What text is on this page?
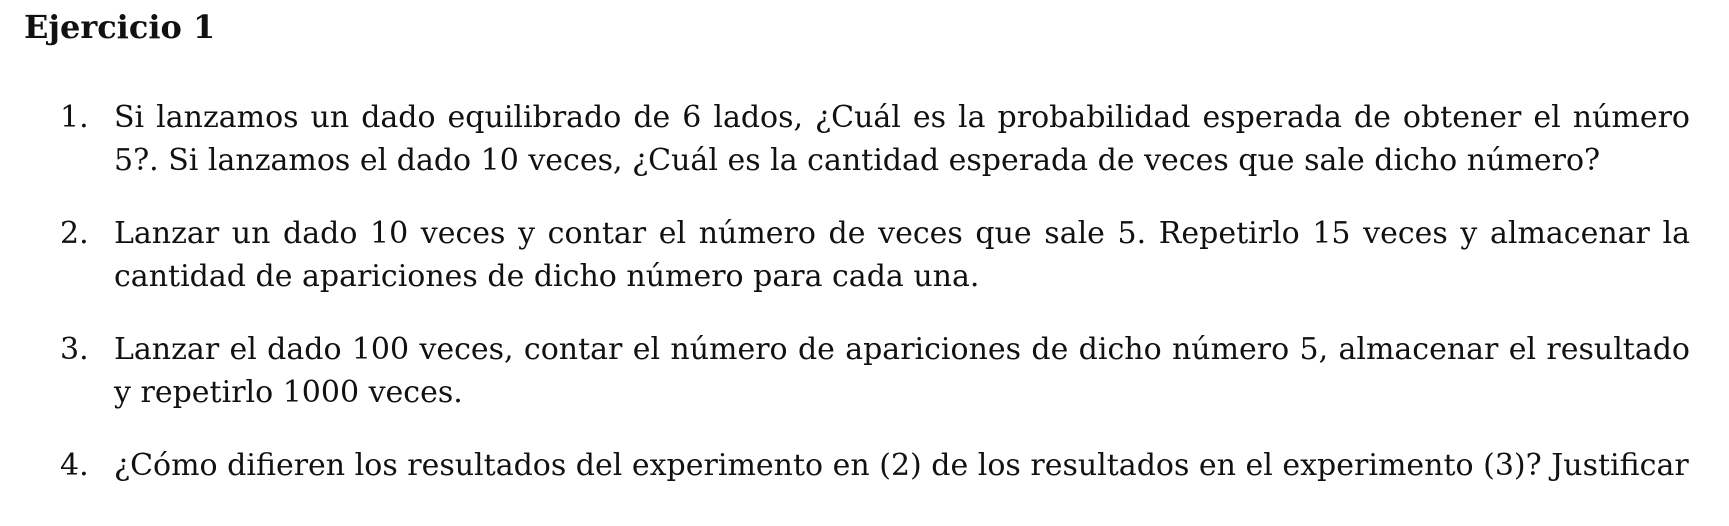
Ejercicio 1
1. Si lanzamos un dado equilibrado de 6 lados, ¿Cuál es la probabilidad esperada de obtener el número 5?. Si lanzamos el dado 10 veces, ¿Cuál es la cantidad esperada de veces que sale dicho número?
2. Lanzar un dado 10 veces y contar el número de veces que sale 5. Repetirlo 15 veces y almacenar la cantidad de apariciones de dicho número para cada una.
3. Lanzar el dado 100 veces, contar el número de apariciones de dicho número 5, almacenar el resultado y repetirlo 1000 veces.
4. ¿Cómo difieren los resultados del experimento en (2) de los resultados en el experimento (3)? Justificar
